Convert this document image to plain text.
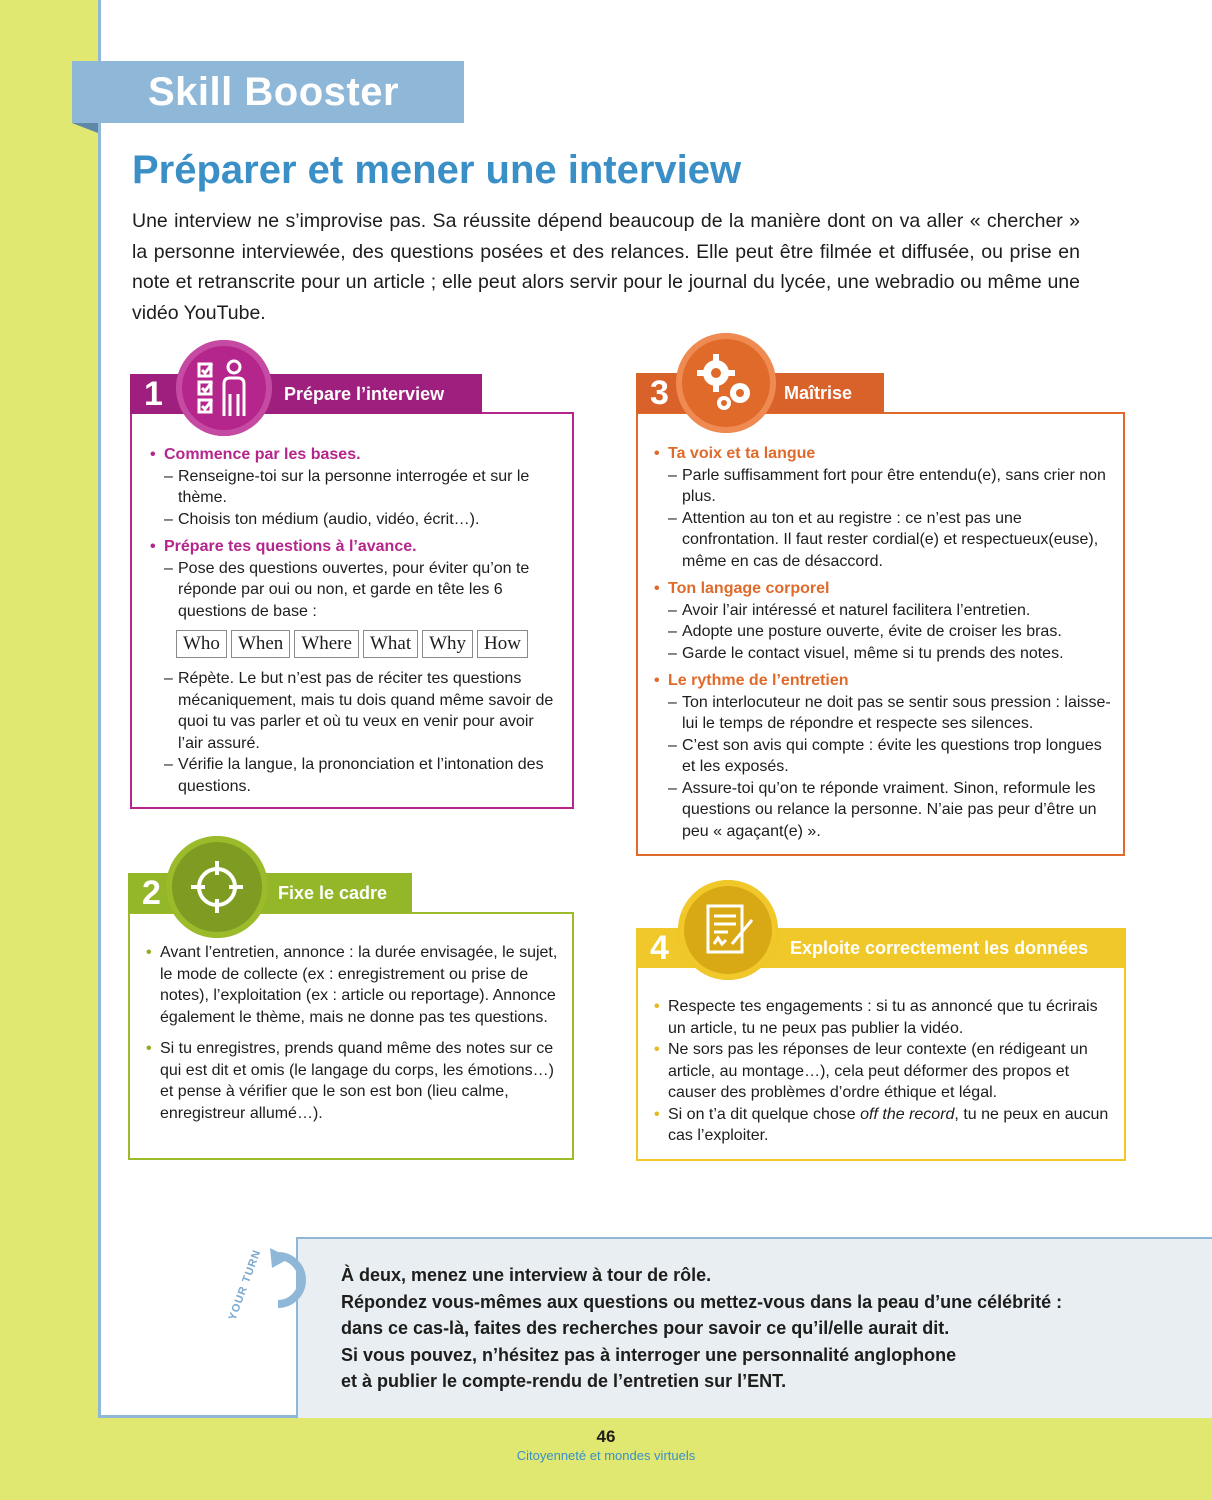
Skill Booster
Préparer et mener une interview

Une interview ne s’improvise pas. Sa réussite dépend beaucoup de la manière dont on va aller « chercher » la personne interviewée, des questions posées et des relances. Elle peut être filmée et diffusée, ou prise en note et retranscrite pour un article ; elle peut alors servir pour le journal du lycée, une webradio ou même une vidéo YouTube.

1	Prépare l’interview
• Commence par les bases.
– Renseigne-toi sur la personne interrogée et sur le thème.
– Choisis ton médium (audio, vidéo, écrit…).
• Prépare tes questions à l’avance.
– Pose des questions ouvertes, pour éviter qu’on te réponde par oui ou non, et garde en tête les 6 questions de base :
Who When Where What Why How
– Répète. Le but n’est pas de réciter tes questions mécaniquement, mais tu dois quand même savoir de quoi tu vas parler et où tu veux en venir pour avoir l’air assuré.
– Vérifie la langue, la prononciation et l’intonation des questions.
3	Maîtrise
• Ta voix et ta langue
– Parle suffisamment fort pour être entendu(e), sans crier non plus.
– Attention au ton et au registre : ce n’est pas une confrontation. Il faut rester cordial(e) et respectueux(euse), même en cas de désaccord.
• Ton langage corporel
– Avoir l’air intéressé et naturel facilitera l’entretien.
– Adopte une posture ouverte, évite de croiser les bras.
– Garde le contact visuel, même si tu prends des notes.
• Le rythme de l’entretien
– Ton interlocuteur ne doit pas se sentir sous pression : laisse-lui le temps de répondre et respecte ses silences.
– C’est son avis qui compte : évite les questions trop longues et les exposés.
– Assure-toi qu’on te réponde vraiment. Sinon, reformule les questions ou relance la personne. N’aie pas peur d’être un peu « agaçant(e) ».
2	Fixe le cadre
• Avant l’entretien, annonce : la durée envisagée, le sujet, le mode de collecte (ex : enregistrement ou prise de notes), l’exploitation (ex : article ou reportage). Annonce également le thème, mais ne donne pas tes questions.
• Si tu enregistres, prends quand même des notes sur ce qui est dit et omis (le langage du corps, les émotions…) et pense à vérifier que le son est bon (lieu calme, enregistreur allumé…).
4	Exploite correctement les données
• Respecte tes engagements : si tu as annoncé que tu écrirais un article, tu ne peux pas publier la vidéo.
• Ne sors pas les réponses de leur contexte (en rédigeant un article, au montage…), cela peut déformer des propos et causer des problèmes d’ordre éthique et légal.
• Si on t’a dit quelque chose off the record, tu ne peux en aucun cas l’exploiter.
YOUR TURN	À deux, menez une interview à tour de rôle.
Répondez vous-mêmes aux questions ou mettez-vous dans la peau d’une célébrité :
dans ce cas-là, faites des recherches pour savoir ce qu’il/elle aurait dit.
Si vous pouvez, n’hésitez pas à interroger une personnalité anglophone
et à publier le compte-rendu de l’entretien sur l’ENT.
46
Citoyenneté et mondes virtuels
